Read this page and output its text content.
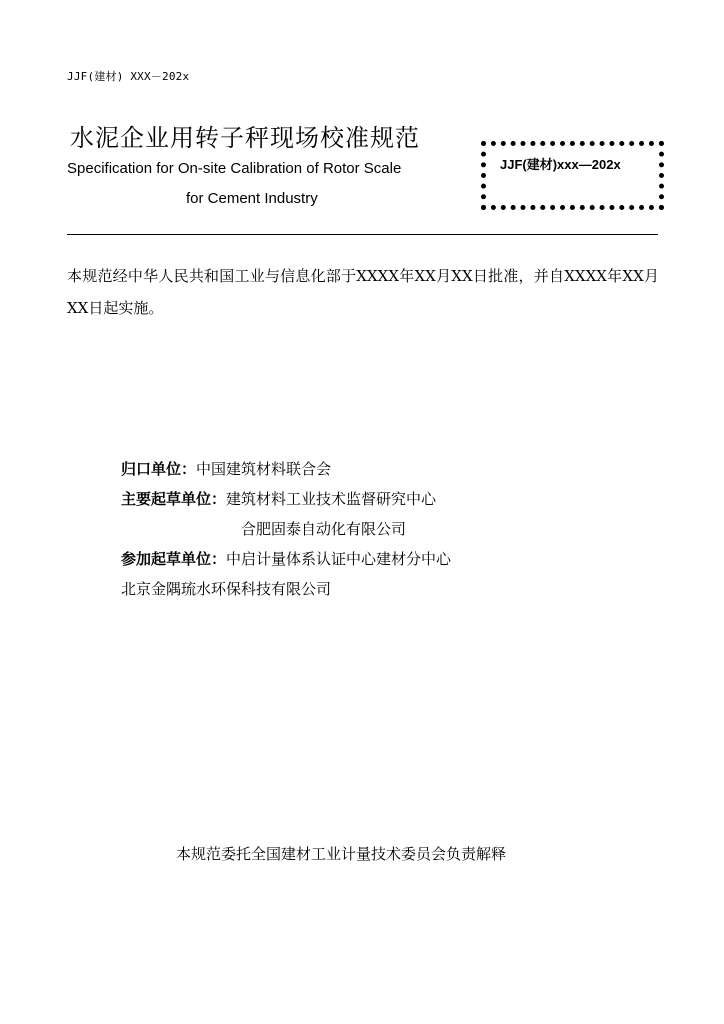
JJF(建材) XXX－202x
水泥企业用转子秤现场校准规范
Specification for On-site Calibration of Rotor Scale
for Cement Industry
JJF(建材)xxx—202x
本规范经中华人民共和国工业与信息化部于XXXX年XX月XX日批准，并自XXXX年XX月XX日起实施。
归口单位：中国建筑材料联合会
主要起草单位：建筑材料工业技术监督研究中心
合肥固泰自动化有限公司
参加起草单位：中启计量体系认证中心建材分中心
北京金隅琉水环保科技有限公司
本规范委托全国建材工业计量技术委员会负责解释
